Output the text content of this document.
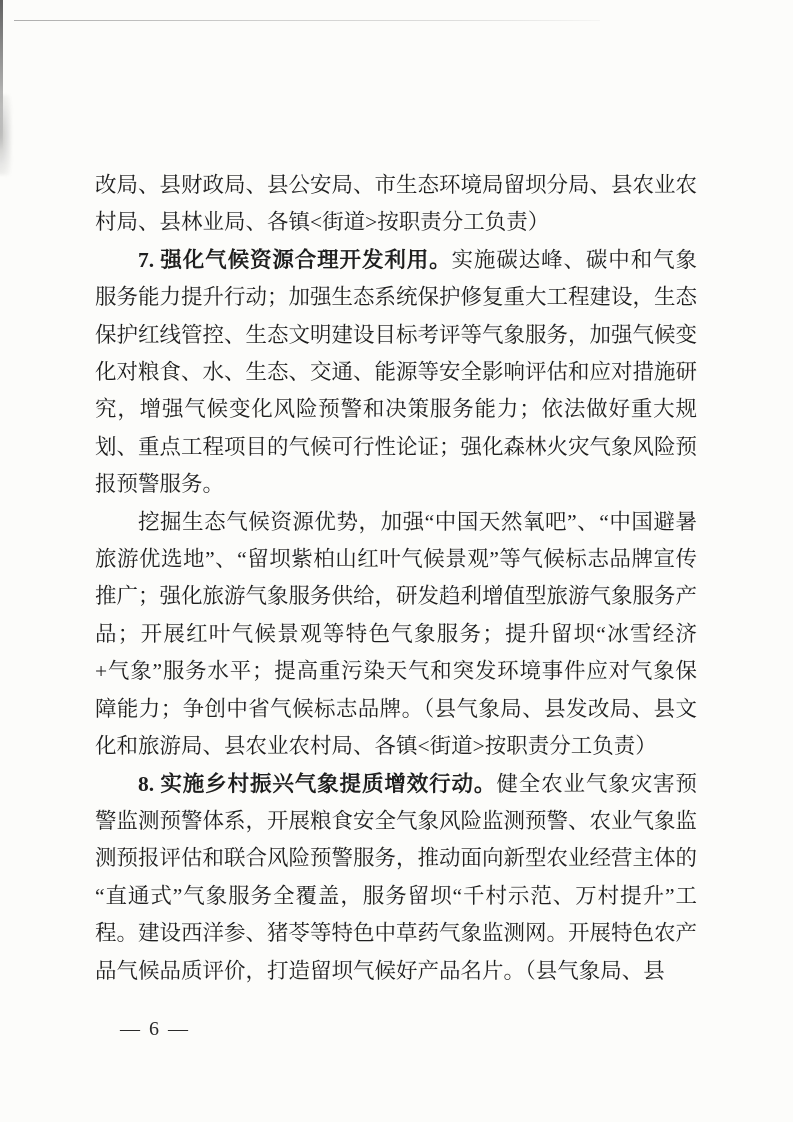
改局、县财政局、县公安局、市生态环境局留坝分局、县农业农村局、县林业局、各镇<街道>按职责分工负责）

7. 强化气候资源合理开发利用。实施碳达峰、碳中和气象服务能力提升行动；加强生态系统保护修复重大工程建设，生态保护红线管控、生态文明建设目标考评等气象服务，加强气候变化对粮食、水、生态、交通、能源等安全影响评估和应对措施研究，增强气候变化风险预警和决策服务能力；依法做好重大规划、重点工程项目的气候可行性论证；强化森林火灾气象风险预报预警服务。

挖掘生态气候资源优势，加强“中国天然氧吧”、“中国避暑旅游优选地”、“留坝紫柏山红叶气候景观”等气候标志品牌宣传推广；强化旅游气象服务供给，研发趋利增值型旅游气象服务产品；开展红叶气候景观等特色气象服务；提升留坝“冰雪经济+气象”服务水平；提高重污染天气和突发环境事件应对气象保障能力；争创中省气候标志品牌。（县气象局、县发改局、县文化和旅游局、县农业农村局、各镇<街道>按职责分工负责）

8. 实施乡村振兴气象提质增效行动。健全农业气象灾害预警监测预警体系，开展粮食安全气象风险监测预警、农业气象监测预报评估和联合风险预警服务，推动面向新型农业经营主体的“直通式”气象服务全覆盖，服务留坝“千村示范、万村提升”工程。建设西洋参、猪苓等特色中草药气象监测网。开展特色农产品气候品质评价，打造留坝气候好产品名片。（县气象局、县

— 6 —
